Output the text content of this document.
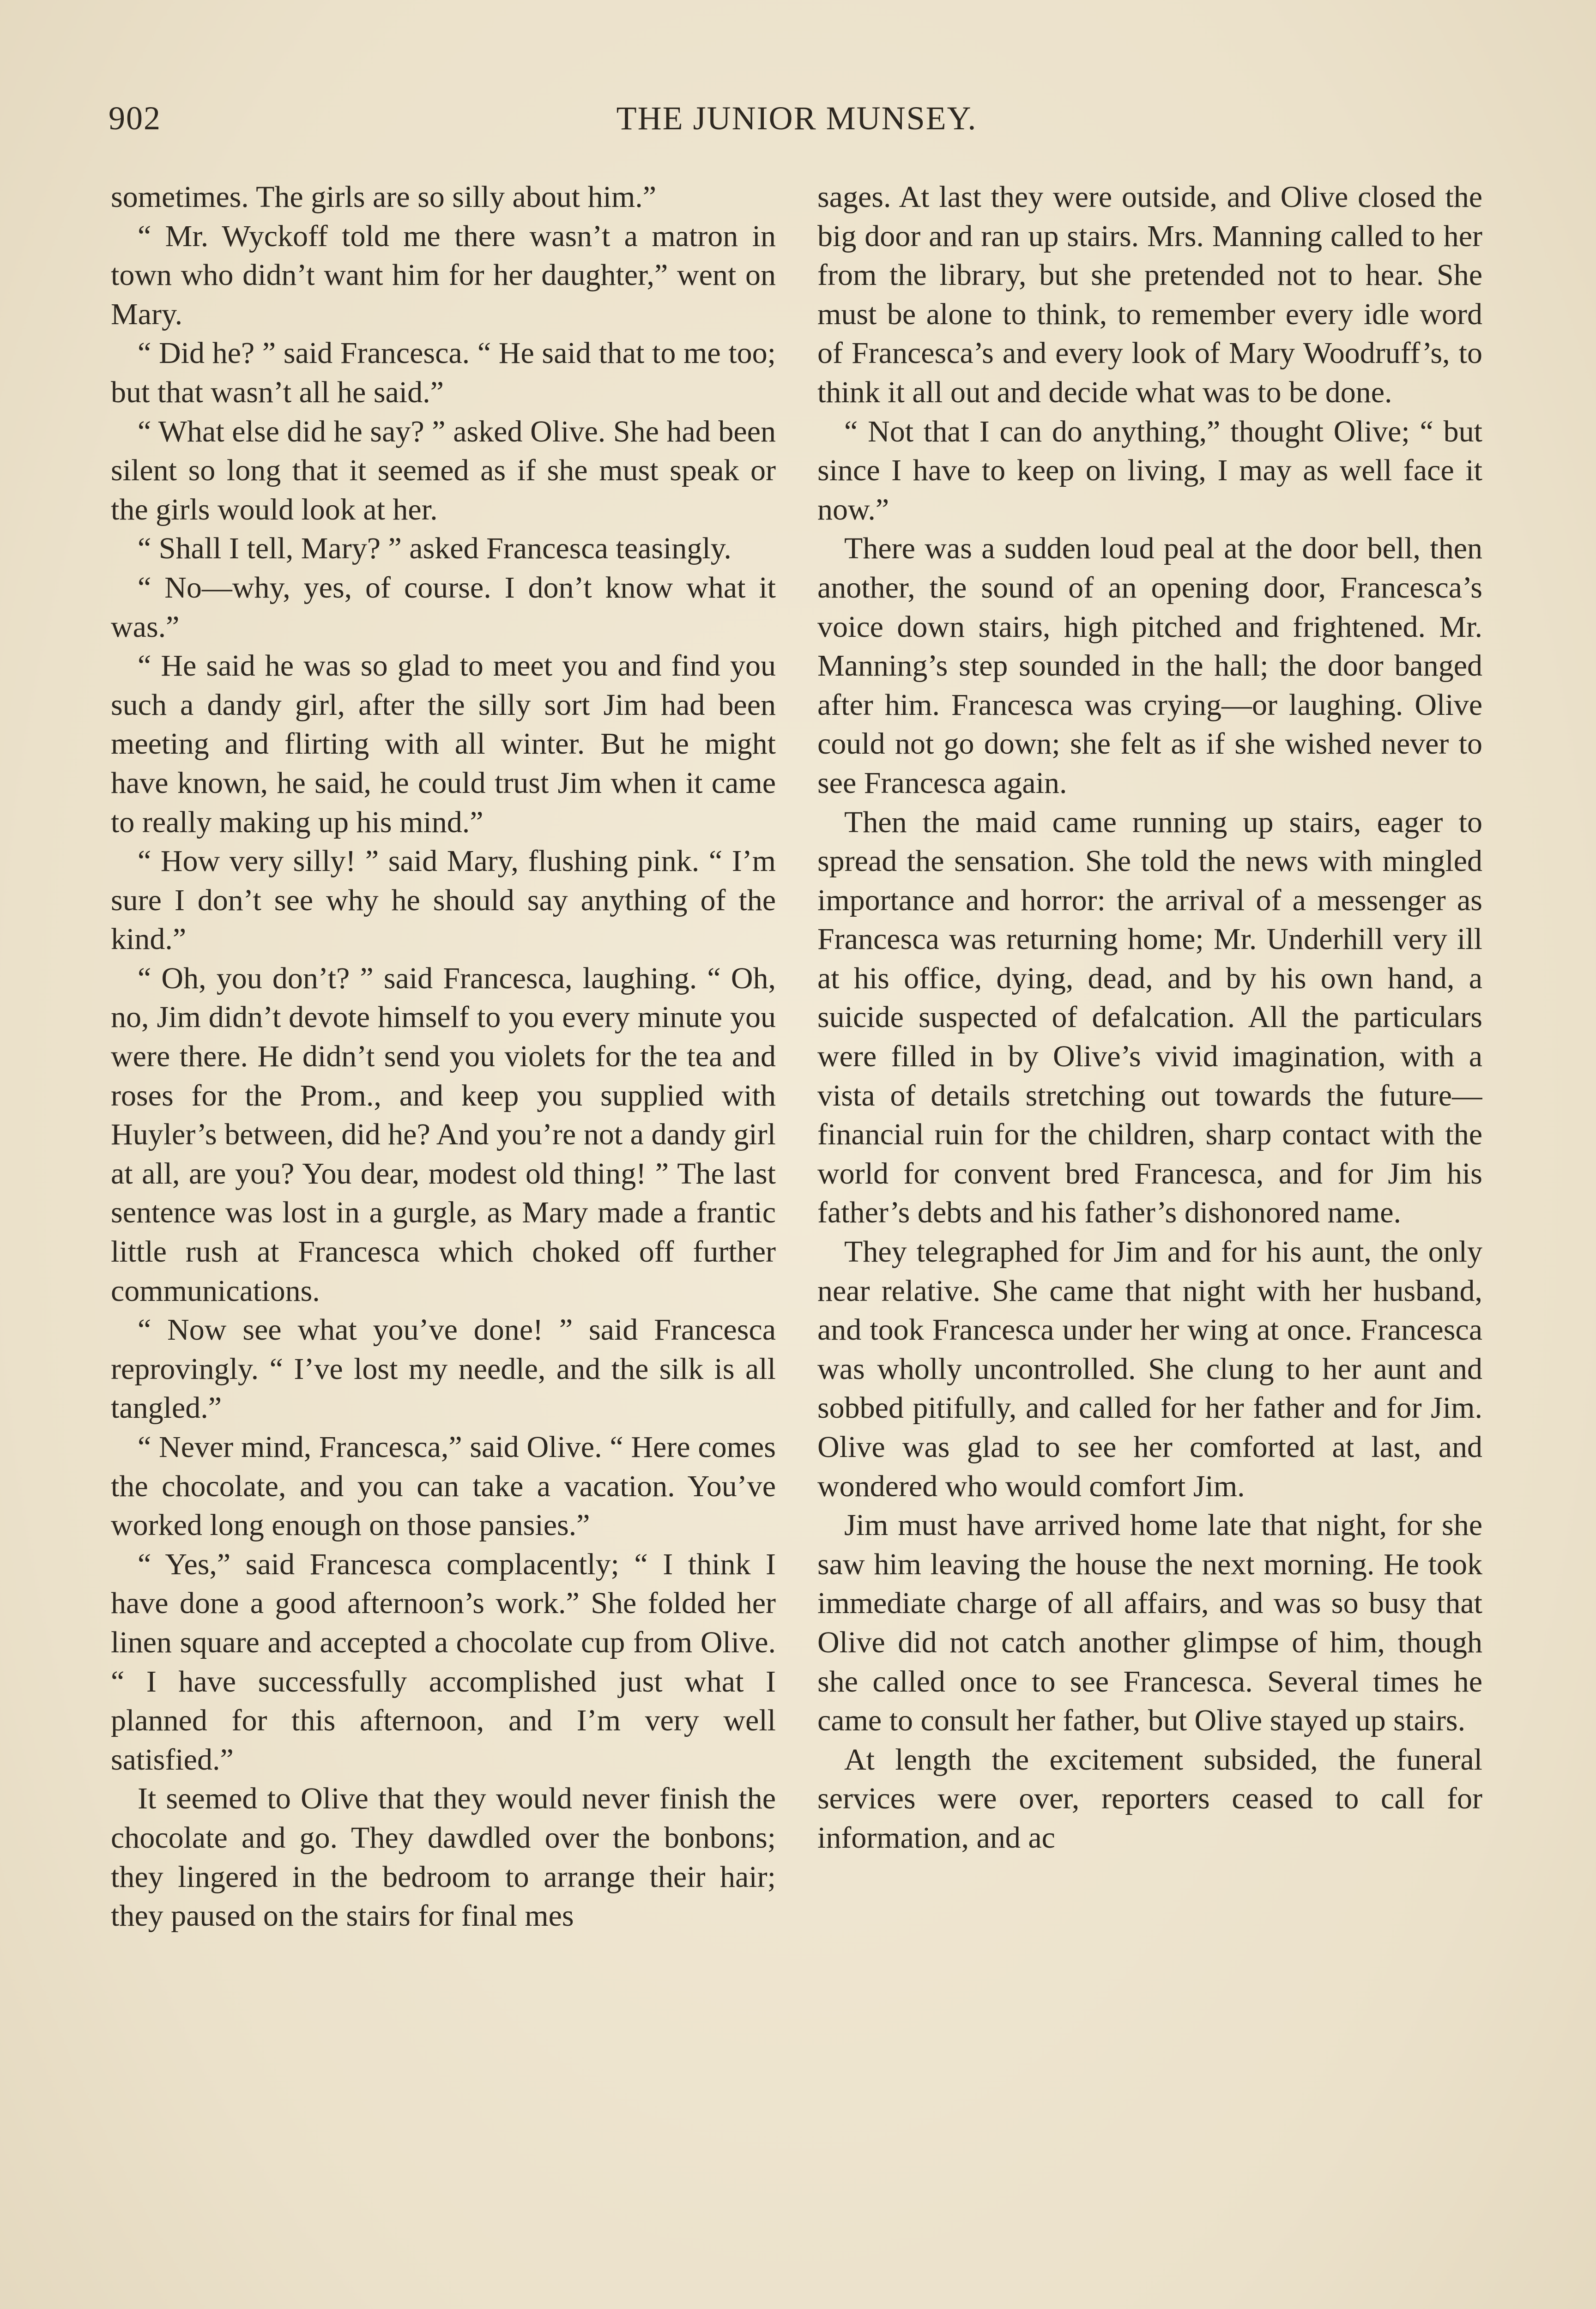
902	THE JUNIOR MUNSEY.

sometimes. The girls are so silly about him.”

“ Mr. Wyckoff told me there wasn’t a matron in town who didn’t want him for her daughter,” went on Mary.

“ Did he? ” said Francesca. “ He said that to me too; but that wasn’t all he said.”

“ What else did he say? ” asked Olive. She had been silent so long that it seemed as if she must speak or the girls would look at her.

“ Shall I tell, Mary? ” asked Francesca teasingly.

“ No—why, yes, of course. I don’t know what it was.”

“ He said he was so glad to meet you and find you such a dandy girl, after the silly sort Jim had been meeting and flirting with all winter. But he might have known, he said, he could trust Jim when it came to really making up his mind.”

“ How very silly! ” said Mary, flushing pink. “ I’m sure I don’t see why he should say anything of the kind.”

“ Oh, you don’t? ” said Francesca, laughing. “ Oh, no, Jim didn’t devote himself to you every minute you were there. He didn’t send you violets for the tea and roses for the Prom., and keep you supplied with Huyler’s between, did he? And you’re not a dandy girl at all, are you? You dear, modest old thing! ” The last sentence was lost in a gurgle, as Mary made a frantic little rush at Francesca which choked off further communications.

“ Now see what you’ve done! ” said Francesca reprovingly. “ I’ve lost my needle, and the silk is all tangled.”

“ Never mind, Francesca,” said Olive. “ Here comes the chocolate, and you can take a vacation. You’ve worked long enough on those pansies.”

“ Yes,” said Francesca complacently; “ I think I have done a good afternoon’s work.” She folded her linen square and accepted a chocolate cup from Olive. “ I have successfully accomplished just what I planned for this afternoon, and I’m very well satisfied.”

It seemed to Olive that they would never finish the chocolate and go. They dawdled over the bonbons; they lingered in the bedroom to arrange their hair; they paused on the stairs for final mes

sages. At last they were outside, and Olive closed the big door and ran up stairs. Mrs. Manning called to her from the library, but she pretended not to hear. She must be alone to think, to remember every idle word of Francesca’s and every look of Mary Woodruff’s, to think it all out and decide what was to be done.

“ Not that I can do anything,” thought Olive; “ but since I have to keep on living, I may as well face it now.”

There was a sudden loud peal at the door bell, then another, the sound of an opening door, Francesca’s voice down stairs, high pitched and frightened. Mr. Manning’s step sounded in the hall; the door banged after him. Francesca was crying—or laughing. Olive could not go down; she felt as if she wished never to see Francesca again.

Then the maid came running up stairs, eager to spread the sensation. She told the news with mingled importance and horror: the arrival of a messenger as Francesca was returning home; Mr. Underhill very ill at his office, dying, dead, and by his own hand, a suicide suspected of defalcation. All the particulars were filled in by Olive’s vivid imagination, with a vista of details stretching out towards the future—financial ruin for the children, sharp contact with the world for convent bred Francesca, and for Jim his father’s debts and his father’s dishonored name.

They telegraphed for Jim and for his aunt, the only near relative. She came that night with her husband, and took Francesca under her wing at once. Francesca was wholly uncontrolled. She clung to her aunt and sobbed pitifully, and called for her father and for Jim. Olive was glad to see her comforted at last, and wondered who would comfort Jim.

Jim must have arrived home late that night, for she saw him leaving the house the next morning. He took immediate charge of all affairs, and was so busy that Olive did not catch another glimpse of him, though she called once to see Francesca. Several times he came to consult her father, but Olive stayed up stairs.

At length the excitement subsided, the funeral services were over, reporters ceased to call for information, and ac
